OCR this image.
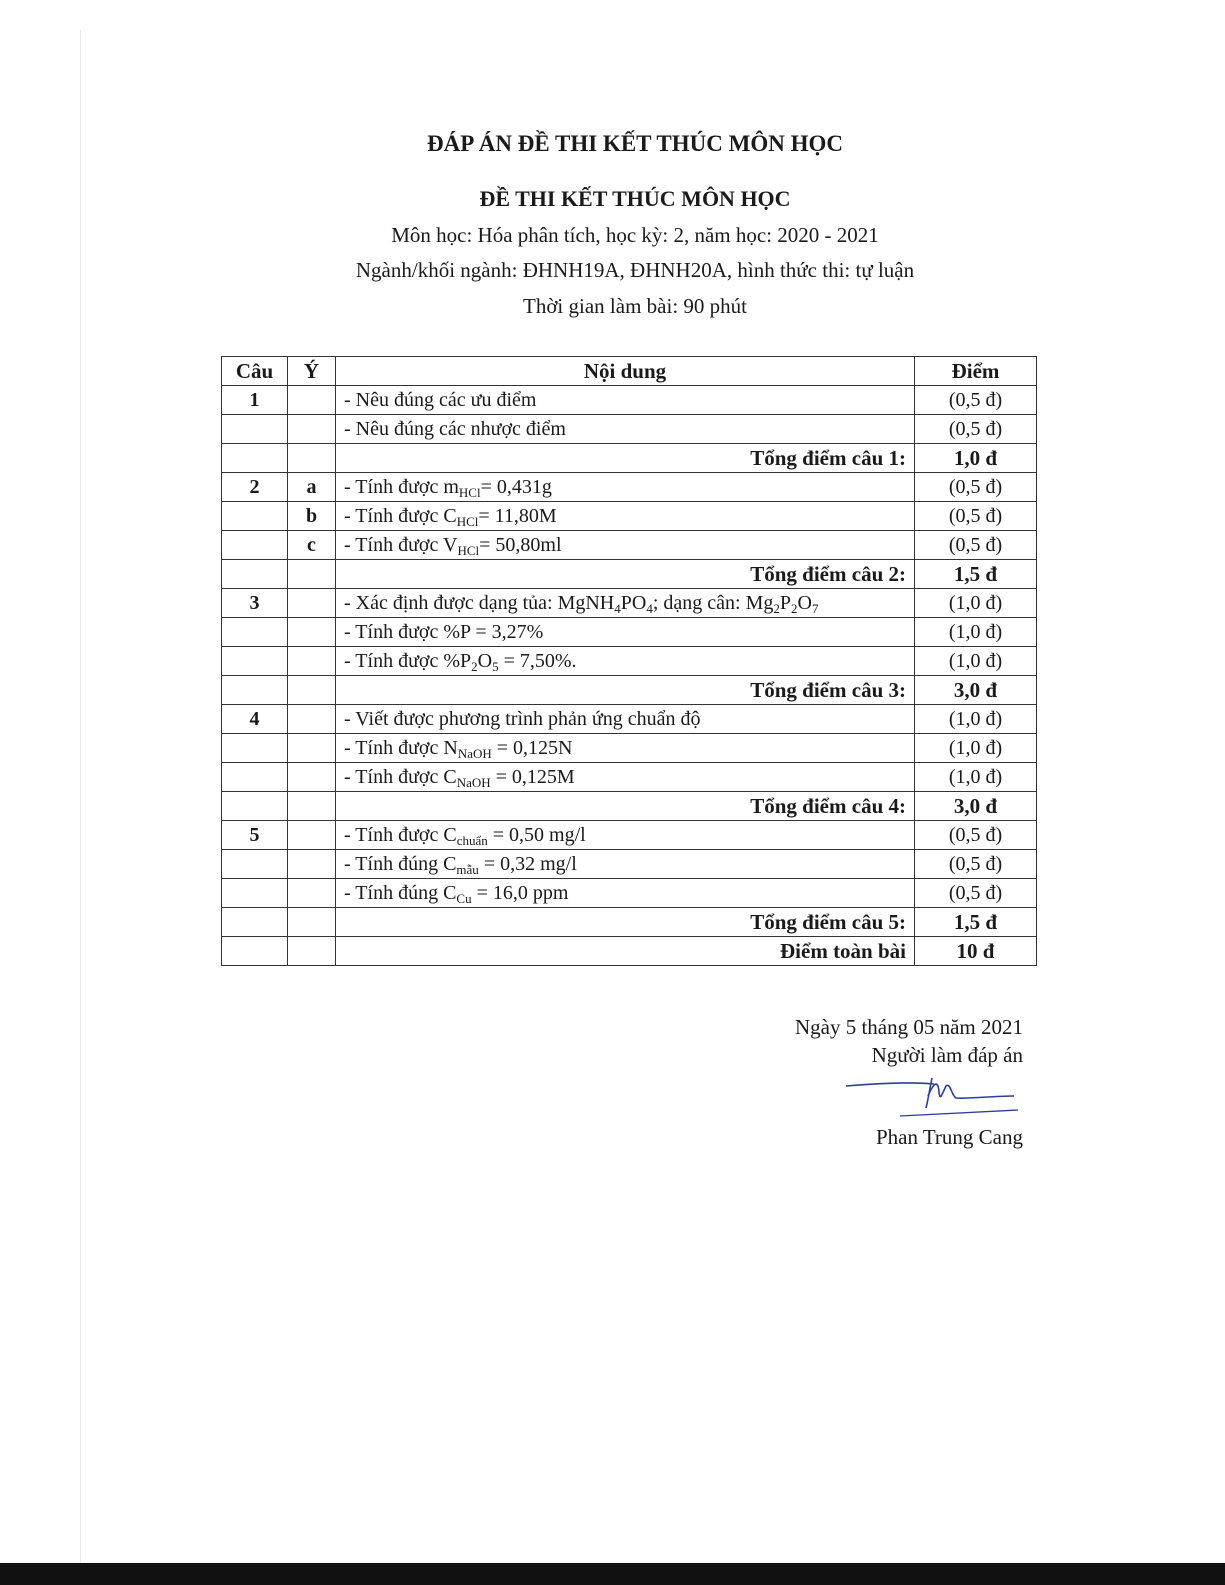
ĐÁP ÁN ĐỀ THI KẾT THÚC MÔN HỌC
ĐỀ THI KẾT THÚC MÔN HỌC
Môn học: Hóa phân tích, học kỳ: 2, năm học: 2020 - 2021
Ngành/khối ngành: ĐHNH19A, ĐHNH20A, hình thức thi: tự luận
Thời gian làm bài: 90 phút
Câu	Ý	Nội dung	Điểm
1		- Nêu đúng các ưu điểm	(0,5 đ)
		- Nêu đúng các nhược điểm	(0,5 đ)
		Tổng điểm câu 1:	1,0 đ
2	a	- Tính được $m_{HCl}= 0,431g$	(0,5 đ)
	b	- Tính được $C_{HCl}= 11,80M$	(0,5 đ)
	c	- Tính được $V_{HCl}= 50,80ml$	(0,5 đ)
		Tổng điểm câu 2:	1,5 đ
3		- Xác định được dạng tủa: $MgNH_4PO_4$; dạng cân: $Mg_2P_2O_7$	(1,0 đ)
		- Tính được %P = 3,27%	(1,0 đ)
		- Tính được $\%P_2O_5 = 7,50\%$.	(1,0 đ)
		Tổng điểm câu 3:	3,0 đ
4		- Viết được phương trình phản ứng chuẩn độ	(1,0 đ)
		- Tính được $N_{NaOH} = 0,125N$	(1,0 đ)
		- Tính được $C_{NaOH} = 0,125M$	(1,0 đ)
		Tổng điểm câu 4:	3,0 đ
5		- Tính được $C_{chuẩn} = 0,50$ mg/l	(0,5 đ)
		- Tính đúng $C_{mẫu} = 0,32$ mg/l	(0,5 đ)
		- Tính đúng $C_{Cu} = 16,0$ ppm	(0,5 đ)
		Tổng điểm câu 5:	1,5 đ
		Điểm toàn bài	10 đ
Ngày 5 tháng 05 năm 2021
Người làm đáp án
Phan Trung Cang
